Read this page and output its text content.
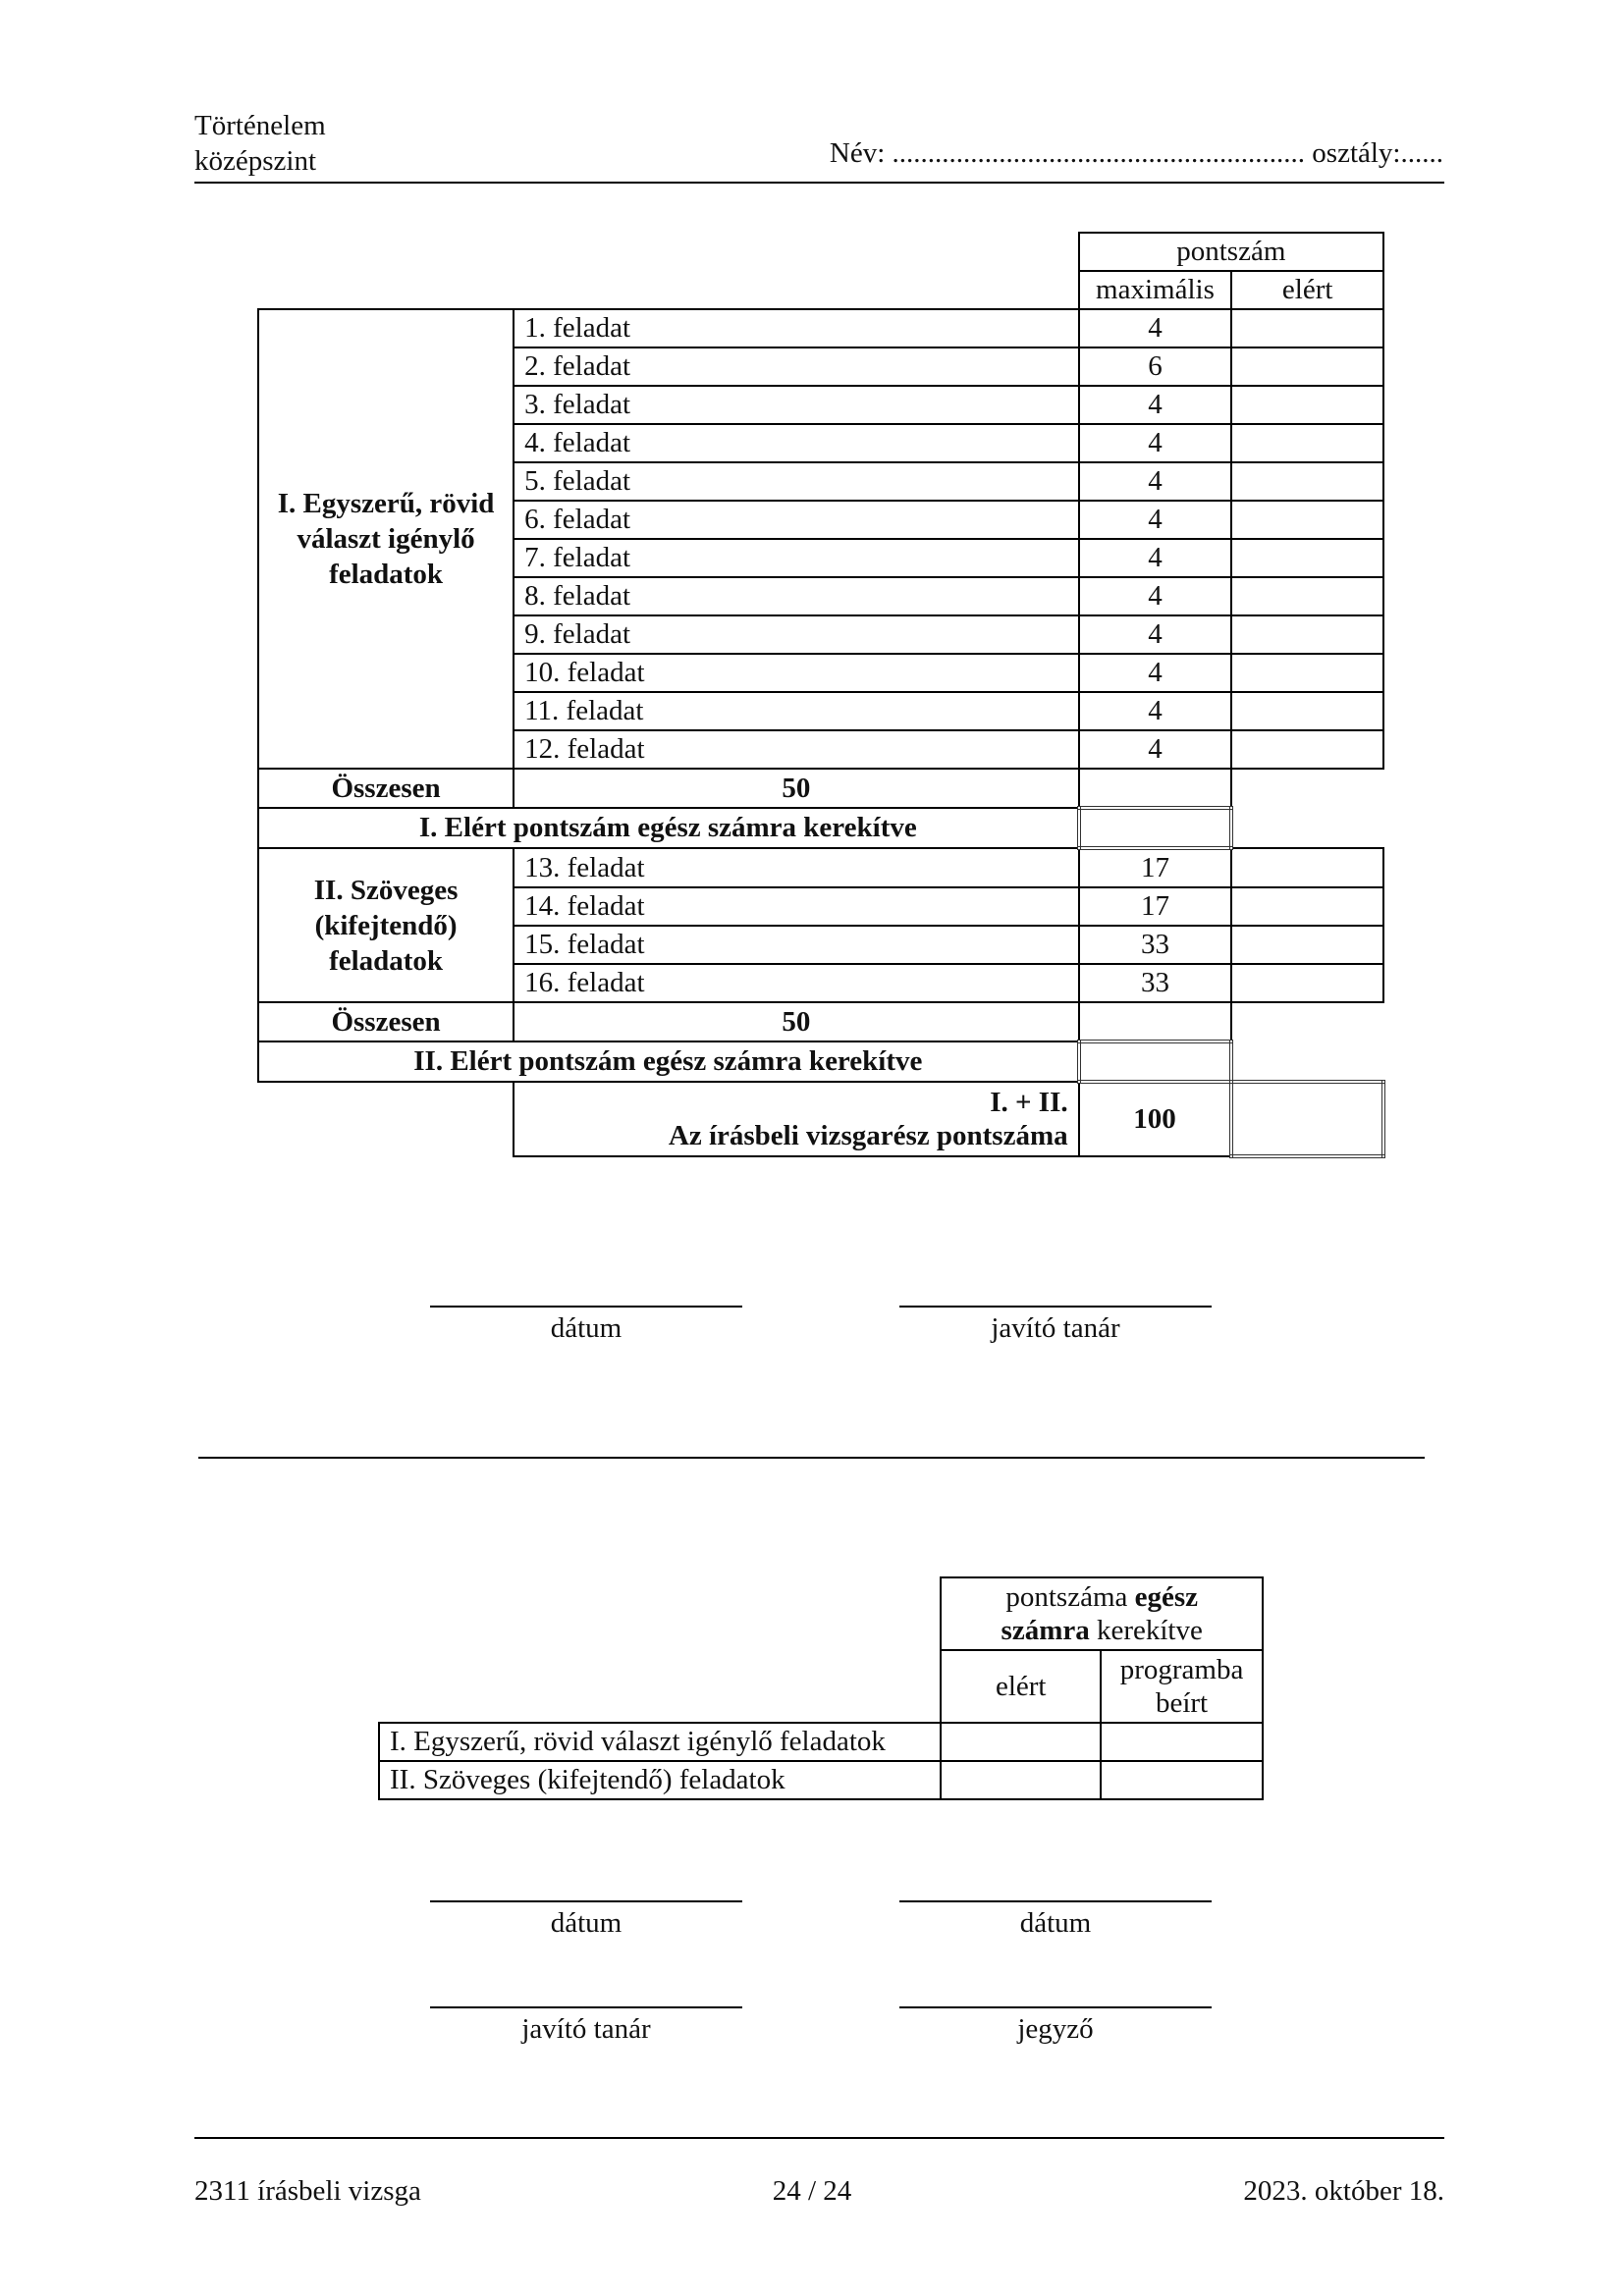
Történelem
középszint	Név: .......................................................... osztály:......
		pontszám	
		maximális	elért
I. Egyszerű, rövid választ igénylő feladatok	1. feladat	4	
	2. feladat	6	
	3. feladat	4	
	4. feladat	4	
	5. feladat	4	
	6. feladat	4	
	7. feladat	4	
	8. feladat	4	
	9. feladat	4	
	10. feladat	4	
	11. feladat	4	
	12. feladat	4	
Összesen	50		
I. Elért pontszám egész számra kerekítve			
II. Szöveges (kifejtendő) feladatok	13. feladat	17	
	14. feladat	17	
	15. feladat	33	
	16. feladat	33	
Összesen	50		
II. Elért pontszám egész számra kerekítve			

	I. + II.
Az írásbeli vizsgarész pontszáma	100	
dátum	javító tanár
	pontszáma egész
számra kerekítve	
	elért	programba
beírt

I. Egyszerű, rövid választ igénylő feladatok		
II. Szöveges (kifejtendő) feladatok		
dátum	dátum
javító tanár	jegyző
2311 írásbeli vizsga	24 / 24	2023. október 18.
